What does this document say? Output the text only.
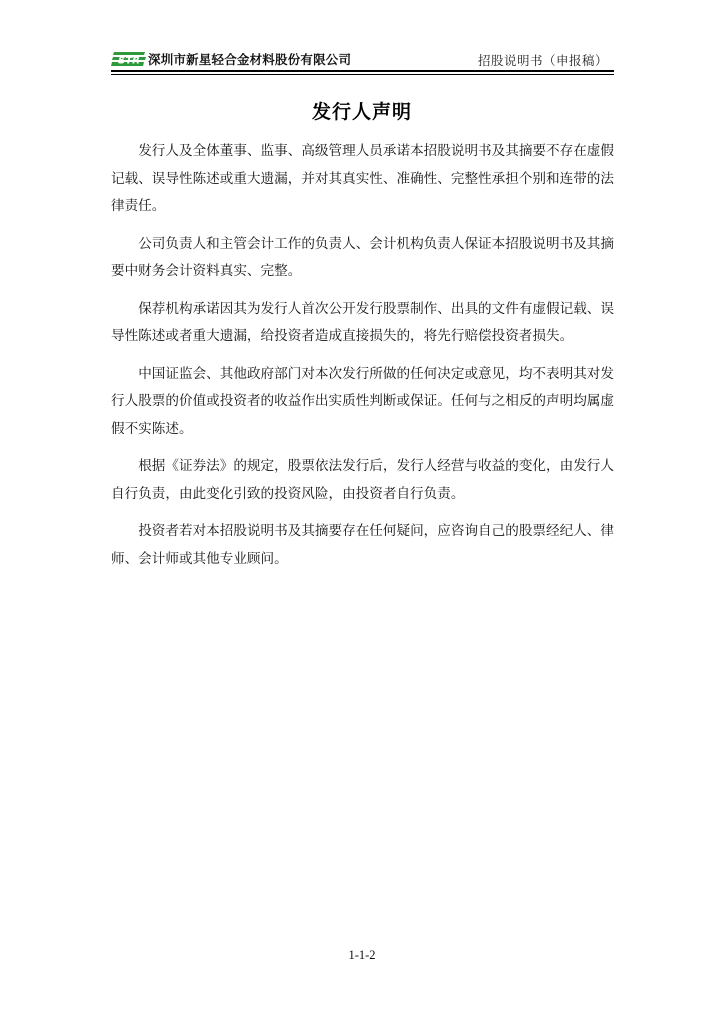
STR 深圳市新星轻合金材料股份有限公司	招股说明书（申报稿）
发行人声明

发行人及全体董事、监事、高级管理人员承诺本招股说明书及其摘要不存在虚假记载、误导性陈述或重大遗漏，并对其真实性、准确性、完整性承担个别和连带的法律责任。

公司负责人和主管会计工作的负责人、会计机构负责人保证本招股说明书及其摘要中财务会计资料真实、完整。

保荐机构承诺因其为发行人首次公开发行股票制作、出具的文件有虚假记载、误导性陈述或者重大遗漏，给投资者造成直接损失的，将先行赔偿投资者损失。

中国证监会、其他政府部门对本次发行所做的任何决定或意见，均不表明其对发行人股票的价值或投资者的收益作出实质性判断或保证。任何与之相反的声明均属虚假不实陈述。

根据《证券法》的规定，股票依法发行后，发行人经营与收益的变化，由发行人自行负责，由此变化引致的投资风险，由投资者自行负责。

投资者若对本招股说明书及其摘要存在任何疑问，应咨询自己的股票经纪人、律师、会计师或其他专业顾问。

1-1-2
